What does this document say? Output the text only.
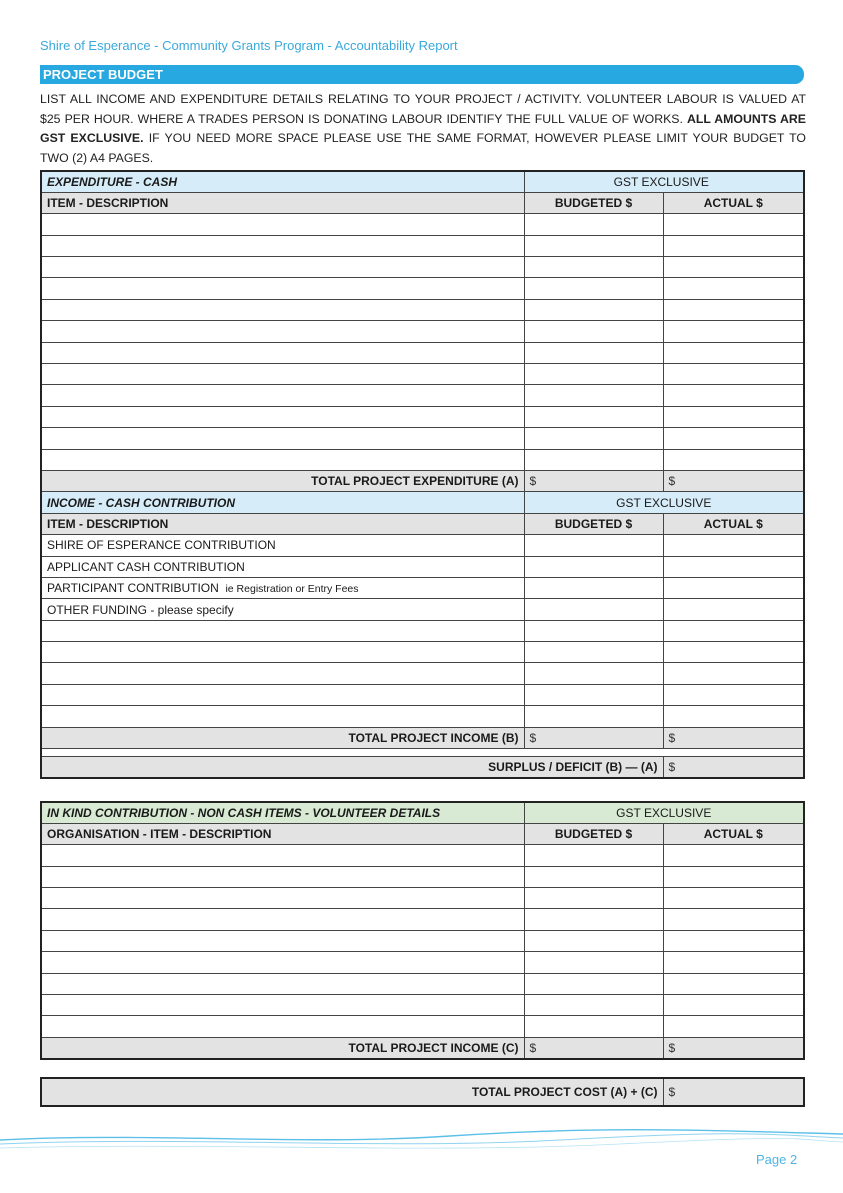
Shire of Esperance - Community Grants Program - Accountability Report
PROJECT BUDGET

LIST ALL INCOME AND EXPENDITURE DETAILS RELATING TO YOUR PROJECT / ACTIVITY. VOLUNTEER LABOUR IS VALUED AT $25 PER HOUR. WHERE A TRADES PERSON IS DONATING LABOUR IDENTIFY THE FULL VALUE OF WORKS. ALL AMOUNTS ARE GST EXCLUSIVE. IF YOU NEED MORE SPACE PLEASE USE THE SAME FORMAT, HOWEVER PLEASE LIMIT YOUR BUDGET TO TWO (2) A4 PAGES.

EXPENDITURE - CASH	GST EXCLUSIVE	
ITEM - DESCRIPTION	BUDGETED $	ACTUAL $

TOTAL PROJECT EXPENDITURE (A)	$	$
INCOME - CASH CONTRIBUTION	GST EXCLUSIVE	
ITEM - DESCRIPTION	BUDGETED $	ACTUAL $
SHIRE OF ESPERANCE CONTRIBUTION		
APPLICANT CASH CONTRIBUTION		
PARTICIPANT CONTRIBUTION ie Registration or Entry Fees		
OTHER FUNDING - please specify		

TOTAL PROJECT INCOME (B)	$	$

SURPLUS / DEFICIT (B) — (A)		$
IN KIND CONTRIBUTION - NON CASH ITEMS - VOLUNTEER DETAILS	GST EXCLUSIVE	
ORGANISATION - ITEM - DESCRIPTION	BUDGETED $	ACTUAL $

TOTAL PROJECT INCOME (C)	$	$
TOTAL PROJECT COST (A) + (C)	$
Page 2
